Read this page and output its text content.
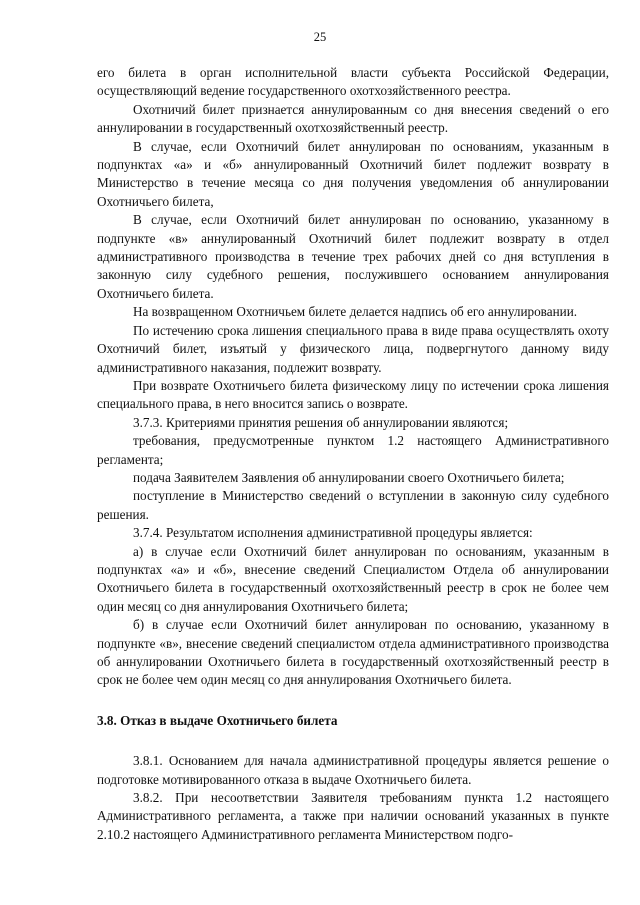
25

его билета в орган исполнительной власти субъекта Российской Федерации, осуществляющий ведение государственного охотхозяйственного реестра.

Охотничий билет признается аннулированным со дня внесения сведений о его аннулировании в государственный охотхозяйственный реестр.

В случае, если Охотничий билет аннулирован по основаниям, указанным в подпунктах «а» и «б» аннулированный Охотничий билет подлежит возврату в Министерство в течение месяца со дня получения уведомления об аннулировании Охотничьего билета,

В случае, если Охотничий билет аннулирован по основанию, указанному в подпункте «в» аннулированный Охотничий билет подлежит возврату в отдел административного производства в течение трех рабочих дней со дня вступления в законную силу судебного решения, послужившего основанием аннулирования Охотничьего билета.

На возвращенном Охотничьем билете делается надпись об его аннулировании.

По истечению срока лишения специального права в виде права осуществлять охоту Охотничий билет, изъятый у физического лица, подвергнутого данному виду административного наказания, подлежит возврату.

При возврате Охотничьего билета физическому лицу по истечении срока лишения специального права, в него вносится запись о возврате.

3.7.3. Критериями принятия решения об аннулировании являются;

требования, предусмотренные пунктом 1.2 настоящего Административного регламента;

подача Заявителем Заявления об аннулировании своего Охотничьего билета;

поступление в Министерство сведений о вступлении в законную силу судебного решения.

3.7.4. Результатом исполнения административной процедуры является:

а) в случае если Охотничий билет аннулирован по основаниям, указанным в подпунктах «а» и «б», внесение сведений Специалистом Отдела об аннулировании Охотничьего билета в государственный охотхозяйственный реестр в срок не более чем один месяц со дня аннулирования Охотничьего билета;

б) в случае если Охотничий билет аннулирован по основанию, указанному в подпункте «в», внесение сведений специалистом отдела административного производства об аннулировании Охотничьего билета в государственный охотхозяйственный реестр в срок не более чем один месяц со дня аннулирования Охотничьего билета.

3.8. Отказ в выдаче Охотничьего билета

3.8.1. Основанием для начала административной процедуры является решение о подготовке мотивированного отказа в выдаче Охотничьего билета.

3.8.2. При несоответствии Заявителя требованиям пункта 1.2 настоящего Административного регламента, а также при наличии оснований указанных в пункте 2.10.2 настоящего Административного регламента Министерством подго-
